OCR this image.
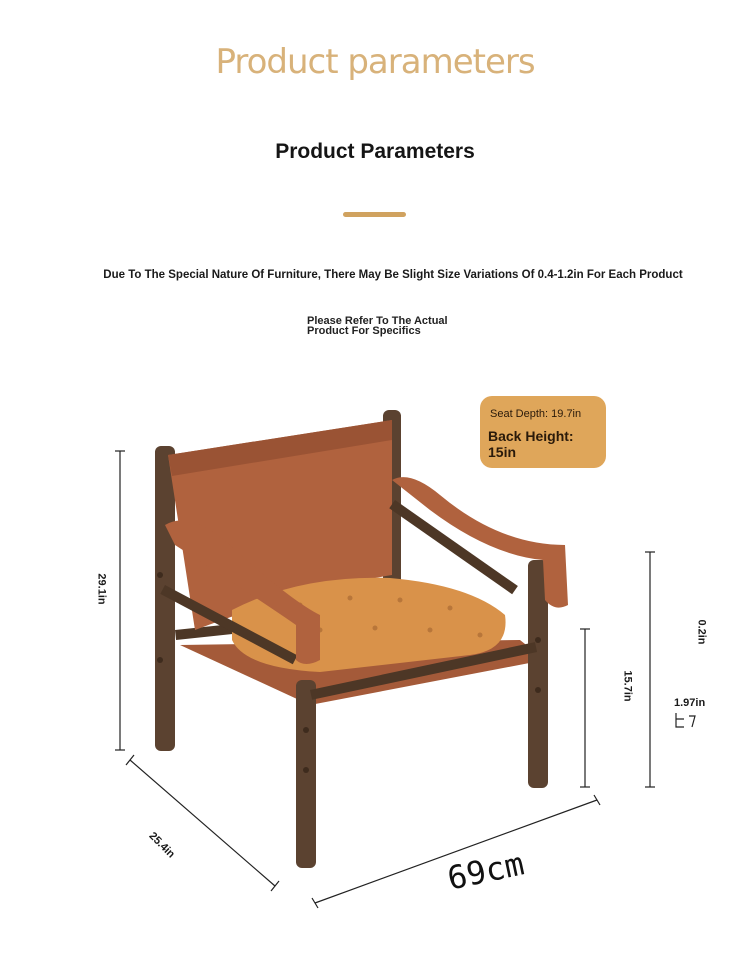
Product parameters
Product Parameters
Due To The Special Nature Of Furniture, There May Be Slight Size Variations Of 0.4-1.2in For Each Product
Please Refer To The Actual
Product For Specifics
Seat Depth: 19.7in
Back Height:
15in
29.1in
25.4in	69cm
15.7in
0.2in
1.97in
